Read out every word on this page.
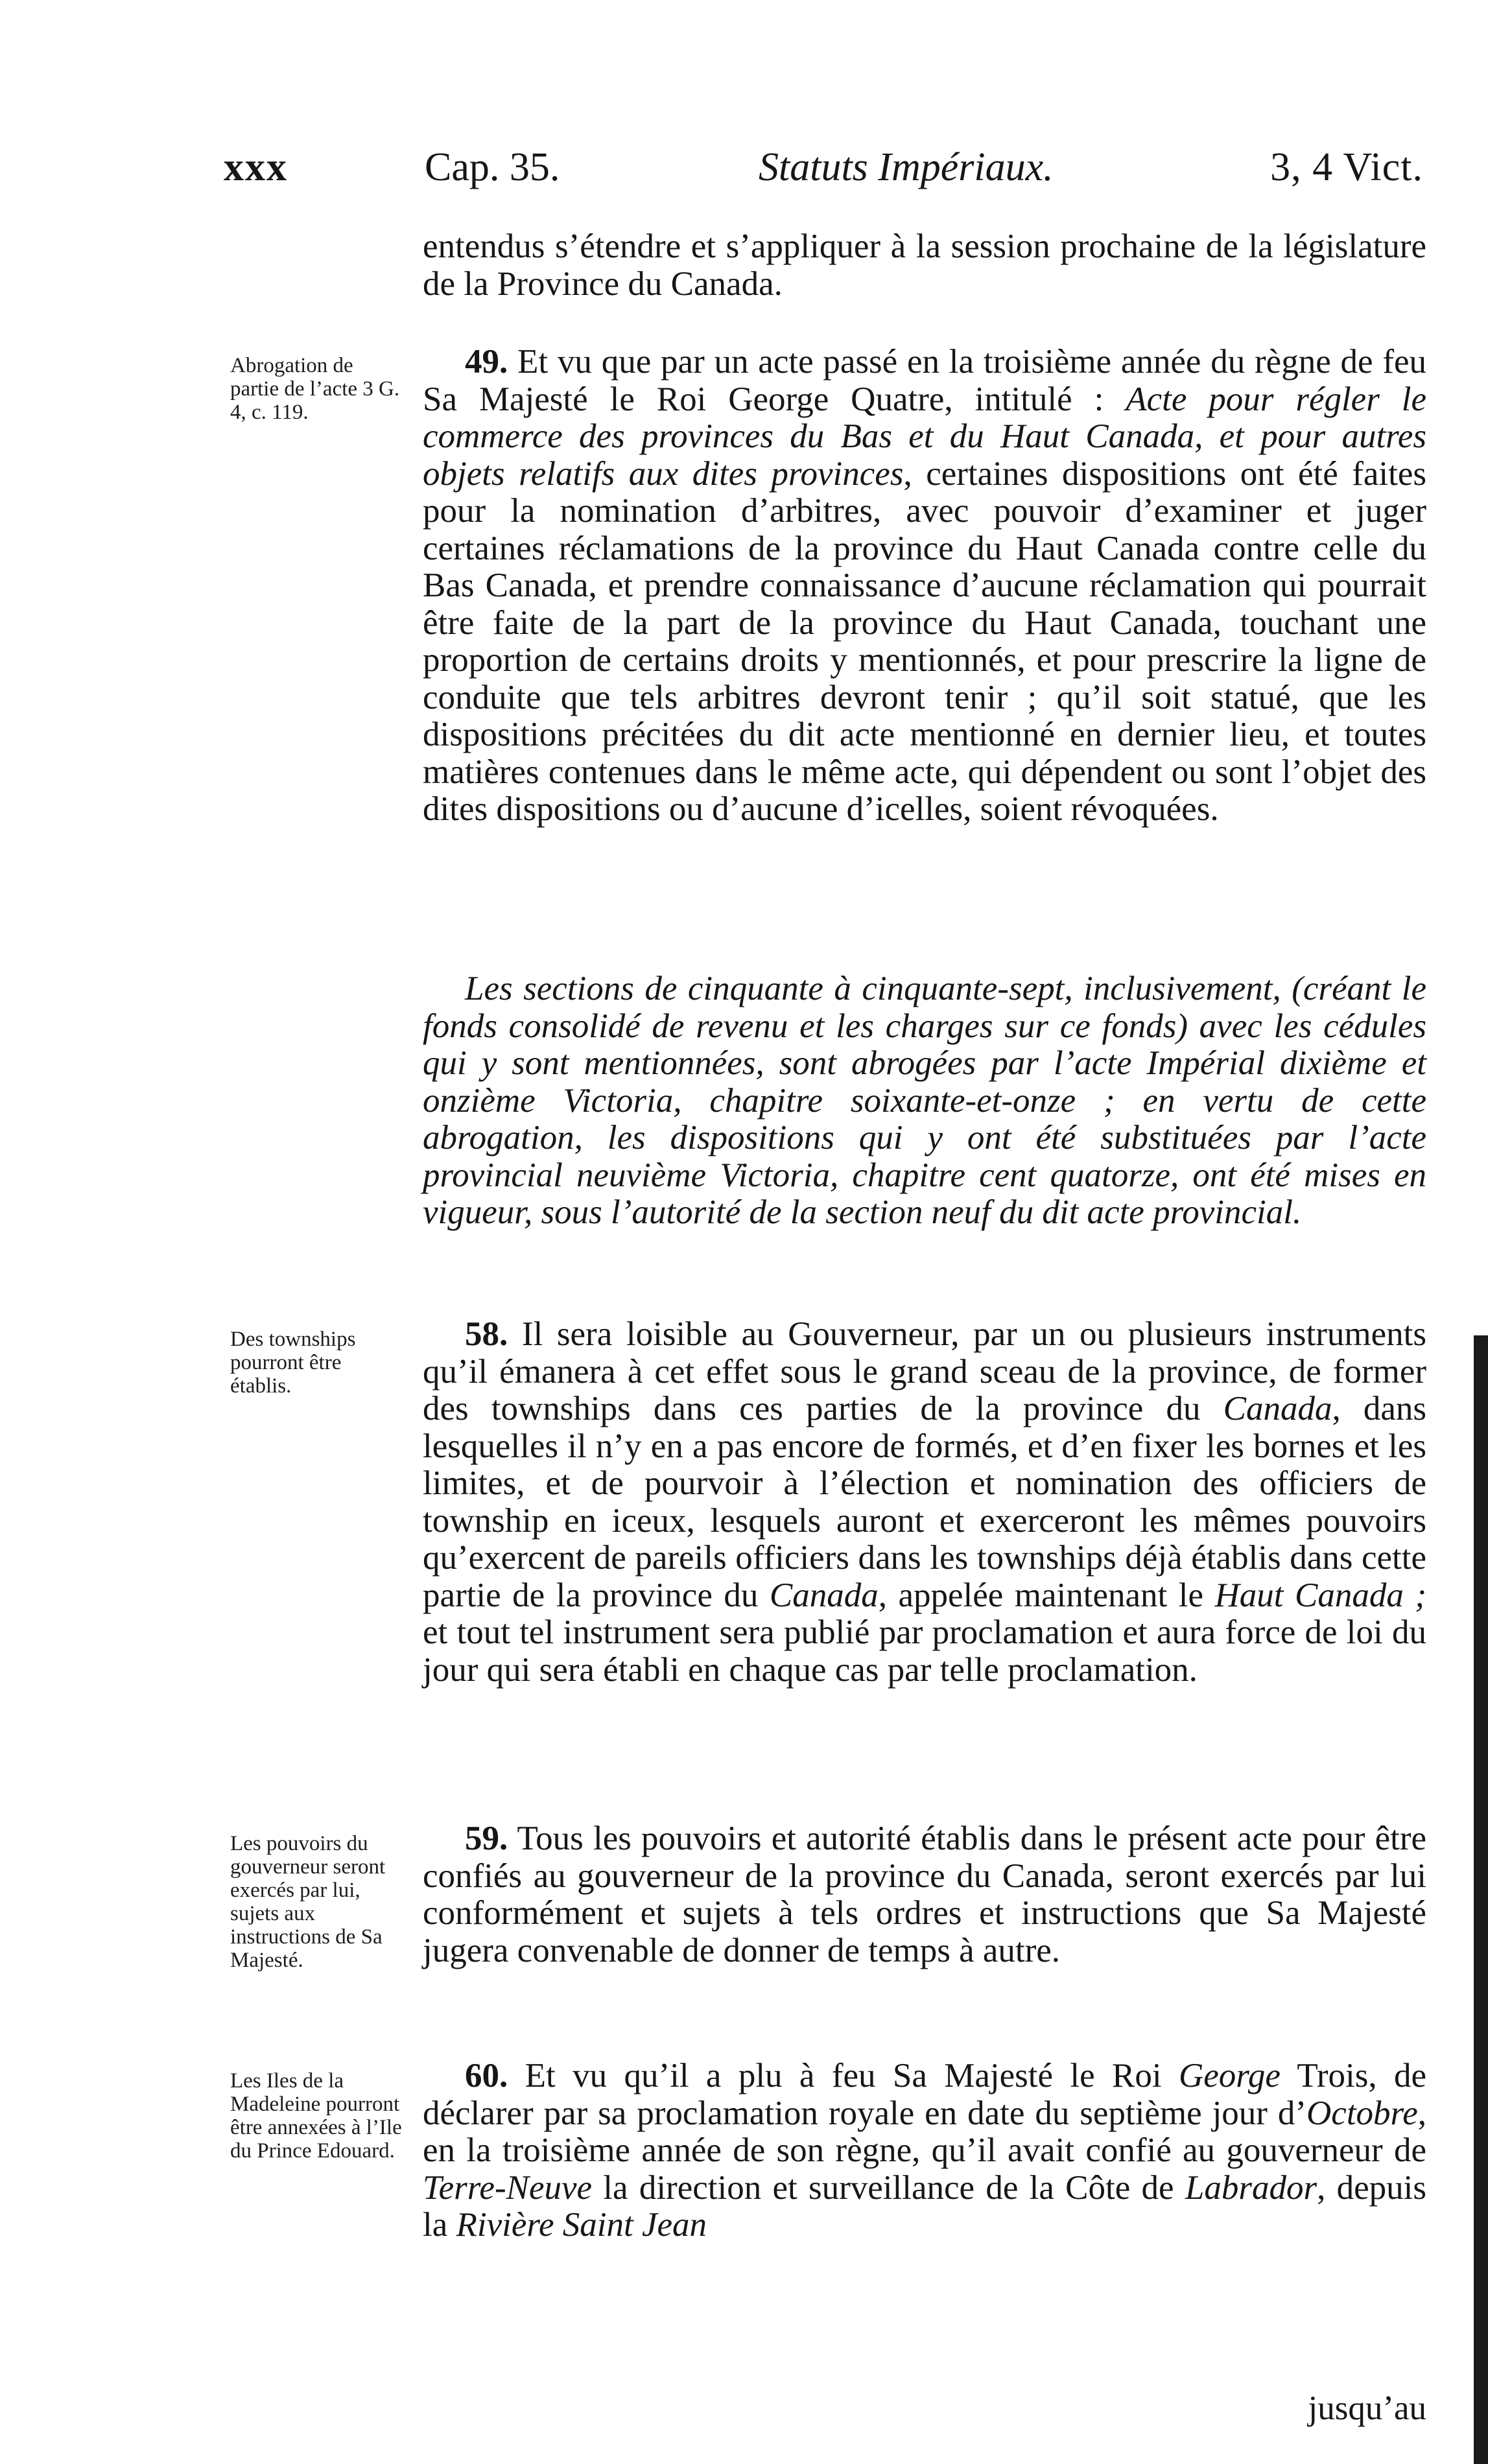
xxx	Cap. 35.	Statuts Impériaux.	3, 4 Vict.

entendus s’étendre et s’appliquer à la session prochaine de la législature de la Province du Canada.

Abrogation de partie de l’acte 3 G. 4, c. 119.

49. Et vu que par un acte passé en la troisième année du règne de feu Sa Majesté le Roi George Quatre, intitulé : Acte pour régler le commerce des provinces du Bas et du Haut Canada, et pour autres objets relatifs aux dites provinces, certaines dispositions ont été faites pour la nomination d’arbitres, avec pouvoir d’examiner et juger certaines réclamations de la province du Haut Canada contre celle du Bas Canada, et prendre connaissance d’aucune réclamation qui pourrait être faite de la part de la province du Haut Canada, touchant une proportion de certains droits y mentionnés, et pour prescrire la ligne de conduite que tels arbitres devront tenir ; qu’il soit statué, que les dispositions précitées du dit acte mentionné en dernier lieu, et toutes matières contenues dans le même acte, qui dépendent ou sont l’objet des dites dispositions ou d’aucune d’icelles, soient révoquées.

Les sections de cinquante à cinquante-sept, inclusivement, (créant le fonds consolidé de revenu et les charges sur ce fonds) avec les cédules qui y sont mentionnées, sont abrogées par l’acte Impérial dixième et onzième Victoria, chapitre soixante-et-onze ; en vertu de cette abrogation, les dispositions qui y ont été substituées par l’acte provincial neuvième Victoria, chapitre cent quatorze, ont été mises en vigueur, sous l’autorité de la section neuf du dit acte provincial.

Des townships pourront être établis.

58. Il sera loisible au Gouverneur, par un ou plusieurs instruments qu’il émanera à cet effet sous le grand sceau de la province, de former des townships dans ces parties de la province du Canada, dans lesquelles il n’y en a pas encore de formés, et d’en fixer les bornes et les limites, et de pourvoir à l’élection et nomination des officiers de township en iceux, lesquels auront et exerceront les mêmes pouvoirs qu’exercent de pareils officiers dans les townships déjà établis dans cette partie de la province du Canada, appelée maintenant le Haut Canada ; et tout tel instrument sera publié par proclamation et aura force de loi du jour qui sera établi en chaque cas par telle proclamation.

Les pouvoirs du gouverneur seront exercés par lui, sujets aux instructions de Sa Majesté.

59. Tous les pouvoirs et autorité établis dans le présent acte pour être confiés au gouverneur de la province du Canada, seront exercés par lui conformément et sujets à tels ordres et instructions que Sa Majesté jugera convenable de donner de temps à autre.

Les Iles de la Madeleine pourront être annexées à l’Ile du Prince Edouard.

60. Et vu qu’il a plu à feu Sa Majesté le Roi George Trois, de déclarer par sa proclamation royale en date du septième jour d’Octobre, en la troisième année de son règne, qu’il avait confié au gouverneur de Terre-Neuve la direction et surveillance de la Côte de Labrador, depuis la Rivière Saint Jean

jusqu’au
